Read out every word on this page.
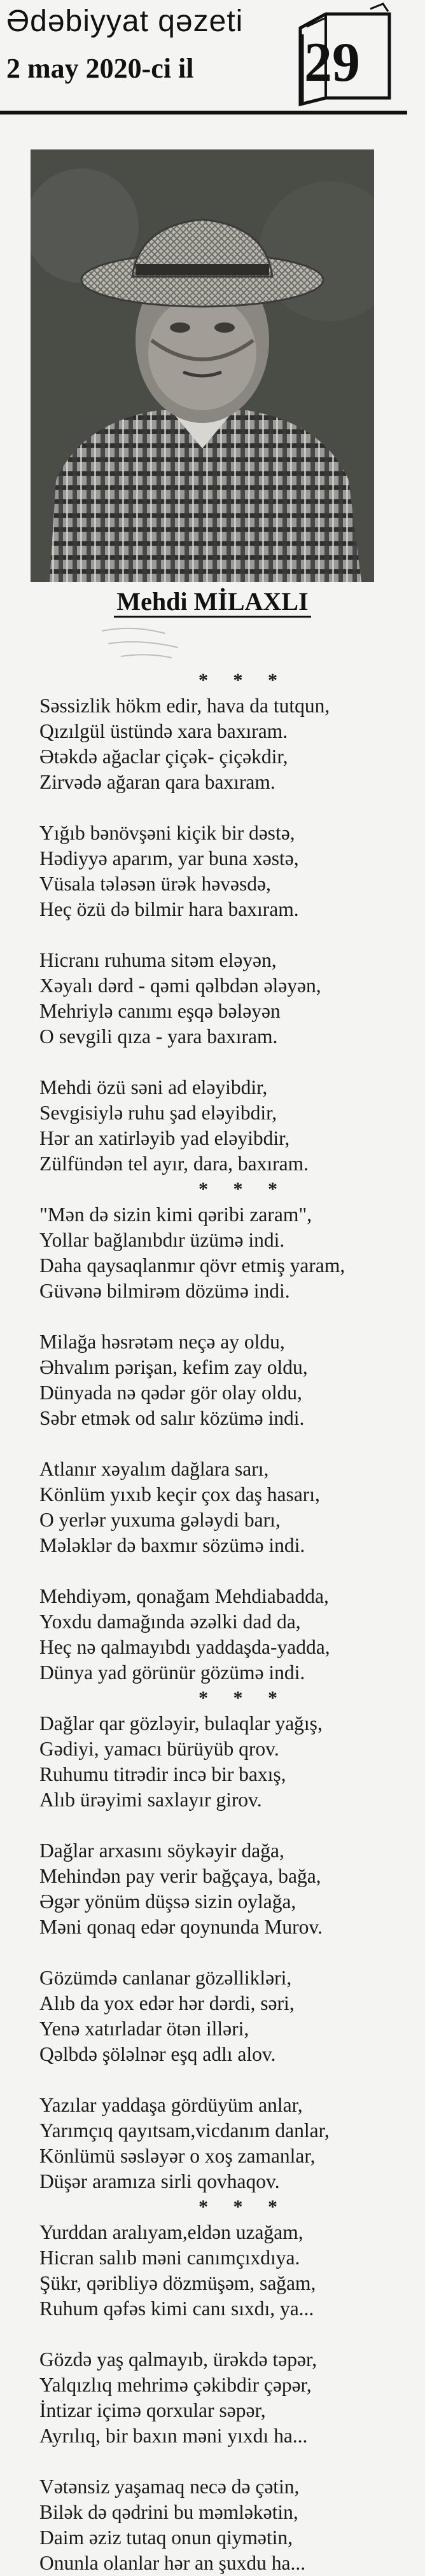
Ədəbiyyat qəzeti
2 may 2020-ci il 29
Mehdi MİLAXLI
* * *
Səssizlik hökm edir, hava da tutqun,
Qızılgül üstündə xara baxıram.
Ətəkdə ağaclar çiçək- çiçəkdir,
Zirvədə ağaran qara baxıram.
Yığıb bənövşəni kiçik bir dəstə,
Hədiyyə aparım, yar buna xəstə,
Vüsala tələsən ürək həvəsdə,
Heç özü də bilmir hara baxıram.
Hicranı ruhuma sitəm eləyən,
Xəyalı dərd - qəmi qəlbdən ələyən,
Mehriylə canımı eşqə bələyən
O sevgili qıza - yara baxıram.
Mehdi özü səni ad eləyibdir,
Sevgisiylə ruhu şad eləyibdir,
Hər an xatirləyib yad eləyibdir,
Zülfündən tel ayır, dara, baxıram.
* * *
"Mən də sizin kimi qəribi zaram",
Yollar bağlanıbdır üzümə indi.
Daha qaysaqlanmır qövr etmiş yaram,
Güvənə bilmirəm dözümə indi.
Milağa həsrətəm neçə ay oldu,
Əhvalım pərişan, kefim zay oldu,
Dünyada nə qədər gör olay oldu,
Səbr etmək od salır közümə indi.
Atlanır xəyalım dağlara sarı,
Könlüm yıxıb keçir çox daş hasarı,
O yerlər yuxuma gələydi barı,
Mələklər də baxmır sözümə indi.
Mehdiyəm, qonağam Mehdiabadda,
Yoxdu damağında əzəlki dad da,
Heç nə qalmayıbdı yaddaşda-yadda,
Dünya yad görünür gözümə indi.
* * *
Dağlar qar gözləyir, bulaqlar yağış,
Gədiyi, yamacı bürüyüb qrov.
Ruhumu titrədir incə bir baxış,
Alıb ürəyimi saxlayır girov.
Dağlar arxasını söykəyir dağa,
Mehindən pay verir bağçaya, bağa,
Əgər yönüm düşsə sizin oylağa,
Məni qonaq edər qoynunda Murov.
Gözümdə canlanar gözəllikləri,
Alıb da yox edər hər dərdi, səri,
Yenə xatırladar ötən illəri,
Qəlbdə şöləlnər eşq adlı alov.
Yazılar yaddaşa gördüyüm anlar,
Yarımçıq qayıtsam,vicdanım danlar,
Könlümü səsləyər o xoş zamanlar,
Düşər aramıza sirli qovhaqov.
* * *
Yurddan aralıyam,eldən uzağam,
Hicran salıb məni canımçıxdıya.
Şükr, qəribliyə dözmüşəm, sağam,
Ruhum qəfəs kimi canı sıxdı, ya...
Gözdə yaş qalmayıb, ürəkdə təpər,
Yalqızlıq mehrimə çəkibdir çəpər,
İntizar içimə qorxular səpər,
Ayrılıq, bir baxın məni yıxdı ha...
Vətənsiz yaşamaq necə də çətin,
Bilək də qədrini bu məmləkətin,
Daim əziz tutaq onun qiymətin,
Onunla olanlar hər an şuxdu ha...
